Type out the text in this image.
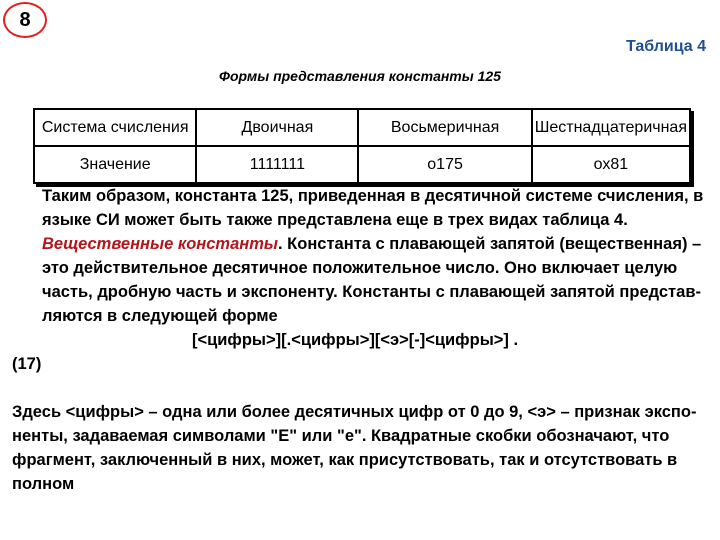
8
Таблица 4
Формы представления константы 125
Система счисления	Двоичная	Восьмеричная	Шестнадцатеричная
Значение	1111111	о175	ох81

Таким образом, константа 125, приведенная в десятичной системе счисления, в языке СИ может быть также представлена еще в трех видах таблица 4.

Вещественные константы. Константа с плавающей запятой (вещественная) – это действительное десятичное положительное число. Оно включает целую часть, дробную часть и экспоненту. Константы с плавающей запятой представ-ляются в следующей форме

[<цифры>][.<цифры>][<э>[-]<цифры>] .

(17)

Здесь <цифры> – одна или более десятичных цифр от 0 до 9, <э> – признак экспо-ненты, задаваемая символами "E" или "e". Квадратные скобки обозначают, что фрагмент, заключенный в них, может, как присутствовать, так и отсутствовать в полном
